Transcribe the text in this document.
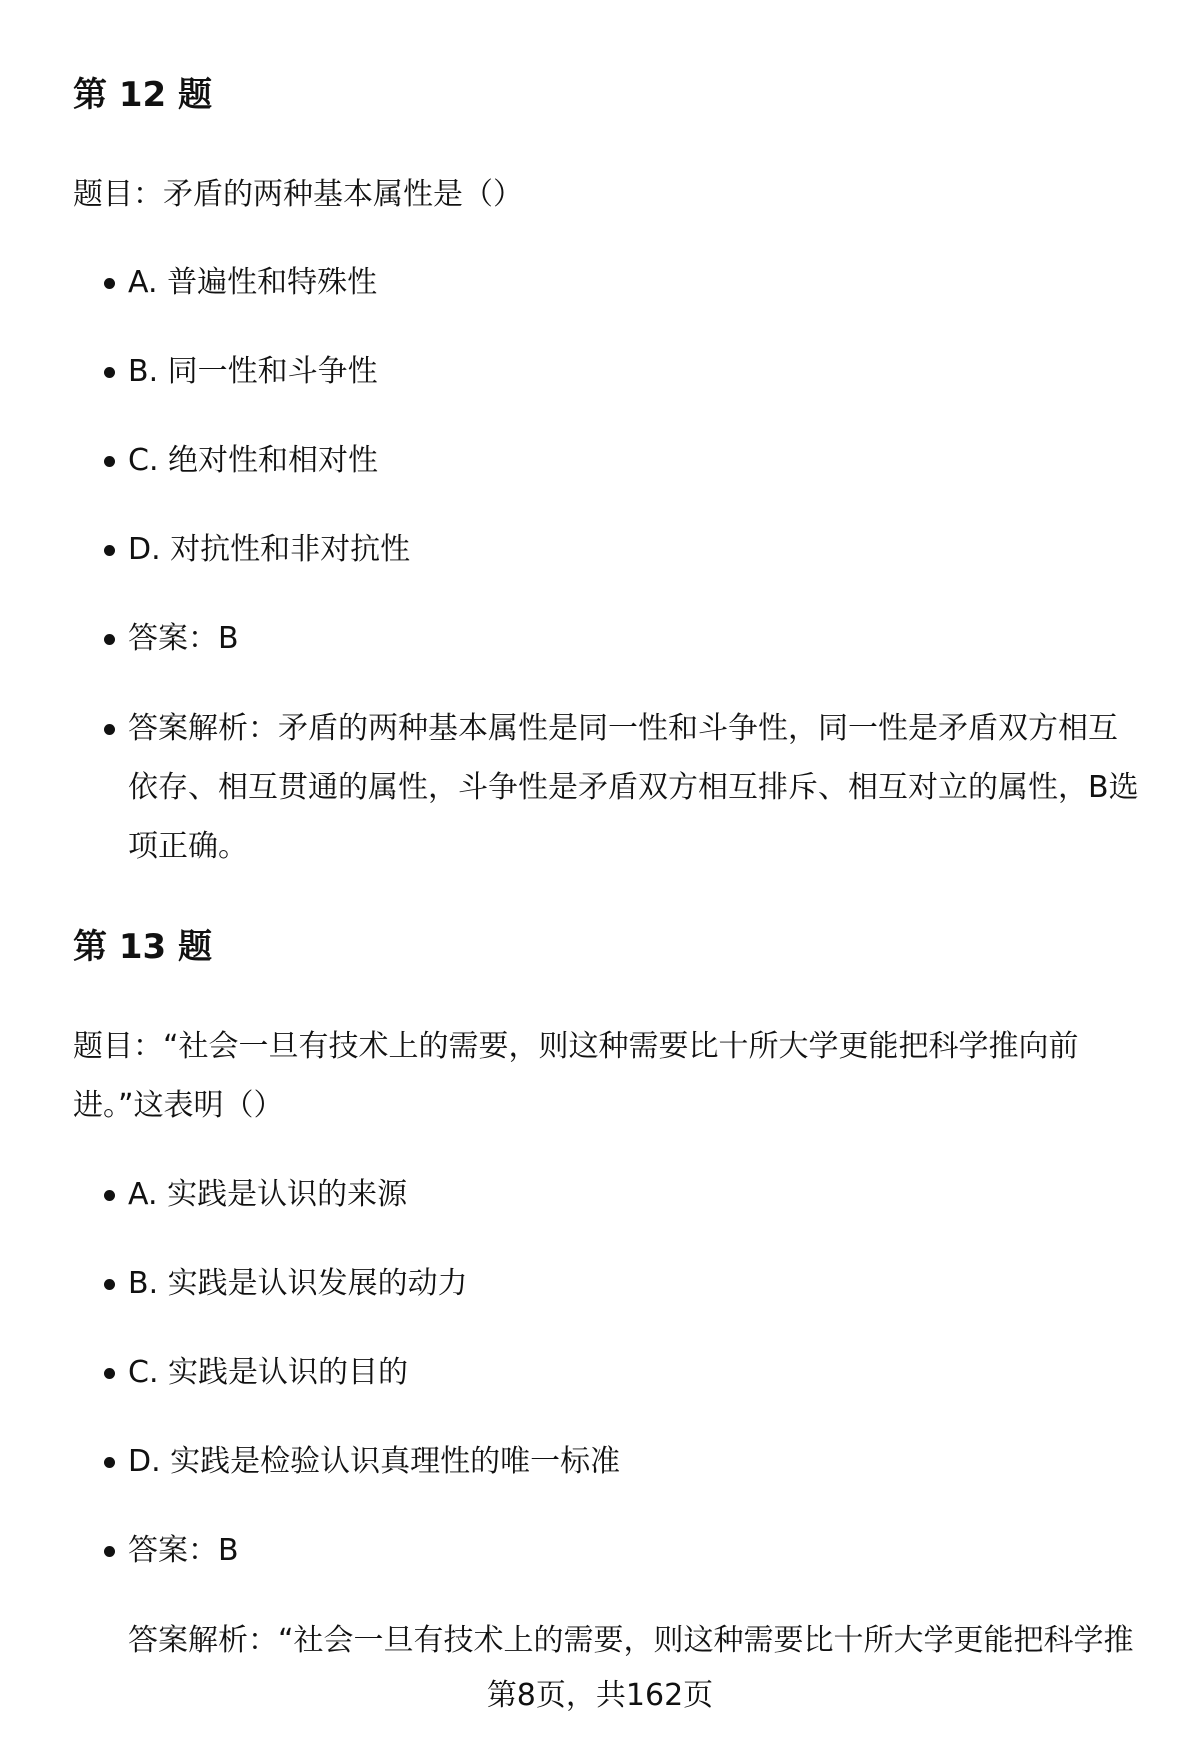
第 12 题

题目：矛盾的两种基本属性是（）

A. 普遍性和特殊性
B. 同一性和斗争性
C. 绝对性和相对性
D. 对抗性和非对抗性
答案：B
答案解析：矛盾的两种基本属性是同一性和斗争性，同一性是矛盾双方相互依存、相互贯通的属性，斗争性是矛盾双方相互排斥、相互对立的属性，B选项正确。
第 13 题

题目：“社会一旦有技术上的需要，则这种需要比十所大学更能把科学推向前进。”这表明（）

A. 实践是认识的来源
B. 实践是认识发展的动力
C. 实践是认识的目的
D. 实践是检验认识真理性的唯一标准
答案：B
答案解析：“社会一旦有技术上的需要，则这种需要比十所大学更能把科学推

第8页，共162页
